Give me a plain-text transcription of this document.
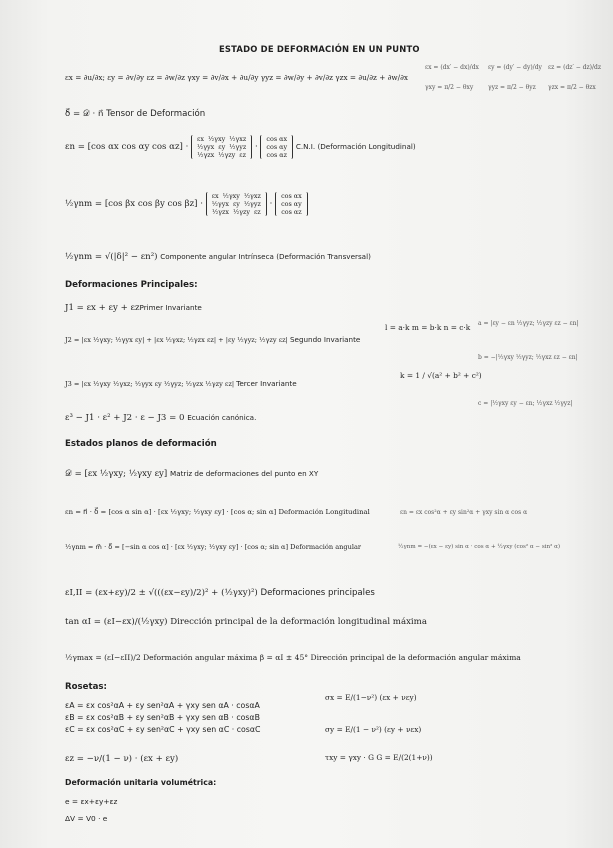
ESTADO DE DEFORMACIÓN EN UN PUNTO
εx = ∂u/∂x; εy = ∂v/∂y εz = ∂w/∂z γxy = ∂v/∂x + ∂u/∂y γyz = ∂w/∂y + ∂v/∂z γzx = ∂u/∂z + ∂w/∂x
εx = (dx′ − dx)/dx εy = (dy′ − dy)/dy εz = (dz′ − dz)/dz
γxy = π/2 − θxy γyz = π/2 − θyz γzx = π/2 − θzx
δ⃗ = 𝒟 · n⃗ Tensor de Deformación
εn = [cos αx cos αy cos αz] · εx ½γxy ½γxz
½γyx εy ½γyz
½γzx ½γzy εz · cos αx
cos αy
cos αz C.N.I. (Deformación Longitudinal)
½γnm = [cos βx cos βy cos βz] · εx ½γxy ½γxz
½γyx εy ½γyz
½γzx ½γzy εz · cos αx
cos αy
cos αz
½γnm = √(|δ|² − εn²) Componente angular Intrínseca (Deformación Transversal)
Deformaciones Principales:
J1 = εx + εy + εzPrimer Invariante
J2 = |εx ½γxy; ½γyx εy| + |εx ½γxz; ½γzx εz| + |εy ½γyz; ½γzy εz| Segundo Invariante
J3 = |εx ½γxy ½γxz; ½γyx εy ½γyz; ½γzx ½γzy εz| Tercer Invariante
l = a·k m = b·k n = c·k
k = 1 / √(a² + b² + c²)
a = |εy − εn ½γyz; ½γzy εz − εn|
b = −|½γxy ½γyz; ½γxz εz − εn|
c = |½γxy εy − εn; ½γxz ½γyz|
ε³ − J1 · ε² + J2 · ε − J3 = 0 Ecuación canónica.
Estados planos de deformación
𝒟 = [εx ½γxy; ½γxy εy] Matriz de deformaciones del punto en XY
εn = n⃗ · δ⃗ = [cos α sin α] · [εx ½γxy; ½γxy εy] · [cos α; sin α] Deformación Longitudinal	εn = εx cos²α + εy sin²α + γxy sin α cos α
½γnm = m⃗ · δ⃗ = [−sin α cos α] · [εx ½γxy; ½γxy εy] · [cos α; sin α] Deformación angular	½γnm = −(εx − εy) sin α · cos α + ½γxy (cos² α − sin² α)
εI,II = (εx+εy)/2 ± √(((εx−εy)/2)² + (½γxy)²) Deformaciones principales
tan αI = (εI−εx)/(½γxy) Dirección principal de la deformación longitudinal máxima
½γmax = (εI−εII)/2 Deformación angular máxima β = αI ± 45° Dirección principal de la deformación angular máxima
Rosetas:
εA = εx cos²αA + εy sen²αA + γxy sen αA · cosαA
εB = εx cos²αB + εy sen²αB + γxy sen αB · cosαB
εC = εx cos²αC + εy sen²αC + γxy sen αC · cosαC
σx = E/(1−ν²) (εx + νεy)
σy = E/(1 − ν²) (εy + νεx)
τxy = γxy · G G = E/(2(1+ν))
εz = −ν/(1 − ν) · (εx + εy)
Deformación unitaria volumétrica:
e = εx+εy+εz
ΔV = V0 · e
